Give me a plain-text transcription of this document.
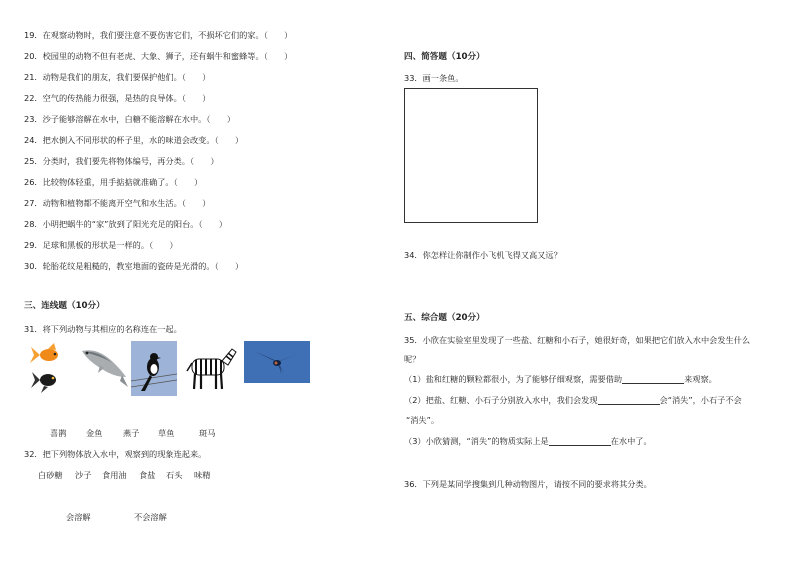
19．在观察动物时，我们要注意不要伤害它们，不损坏它们的家。（　　）
20．校园里的动物不但有老虎、大象、狮子，还有蜗牛和蜜蜂等。（　　）
21．动物是我们的朋友，我们要保护他们。（　　）
22．空气的传热能力很强，是热的良导体。（　　）
23．沙子能够溶解在水中，白糖不能溶解在水中。（　　）
24．把水倒入不同形状的杯子里，水的味道会改变。（　　）
25．分类时，我们要先将物体编号，再分类。（　　）
26．比较物体轻重，用手掂掂就准确了。（　　）
27．动物和植物都不能离开空气和水生活。（　　）
28．小明把蜗牛的“家”放到了阳光充足的阳台。（　　）
29．足球和黑板的形状是一样的。（　　）
30．轮胎花纹是粗糙的，教室地面的瓷砖是光滑的。（　　）
三、连线题（10分）
31．将下列动物与其相应的名称连在一起。
喜鹊 金鱼	燕子 草鱼	斑马
32．把下列物体放入水中，观察到的现象连起来。
白砂糖 沙子 食用油 食盐 石头 味精
会溶解	不会溶解
四、简答题（10分）
33．画一条鱼。
34．你怎样让你制作小飞机飞得又高又远？
五、综合题（20分）
35．小欣在实验室里发现了一些盐、红糖和小石子，她很好奇，如果把它们放入水中会发生什么
呢？
（1）盐和红糖的颗粒都很小，为了能够仔细观察，需要借助	来观察。
（2）把盐、红糖、小石子分别放入水中，我们会发现	会“消失”，小石子不会
“消失”。
（3）小欣猜测，“消失”的物质实际上是	在水中了。
36．下列是某同学搜集到几种动物图片，请按不同的要求将其分类。
